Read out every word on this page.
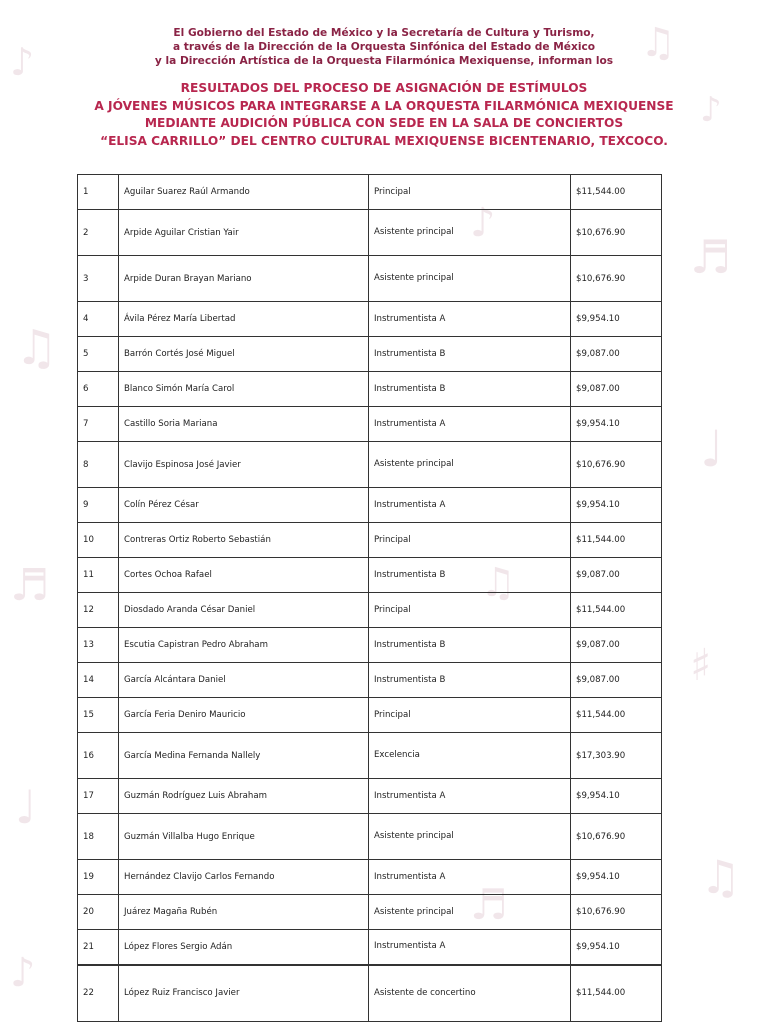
♫
♪
♬
♩
♯
♫
♪
♫
♬
♩
♪
♪
♫
♬
El Gobierno del Estado de México y la Secretaría de Cultura y Turismo,
a través de la Dirección de la Orquesta Sinfónica del Estado de México
y la Dirección Artística de la Orquesta Filarmónica Mexiquense, informan los
RESULTADOS DEL PROCESO DE ASIGNACIÓN DE ESTÍMULOS
A JÓVENES MÚSICOS PARA INTEGRARSE A LA ORQUESTA FILARMÓNICA MEXIQUENSE
MEDIANTE AUDICIÓN PÚBLICA CON SEDE EN LA SALA DE CONCIERTOS
“ELISA CARRILLO” DEL CENTRO CULTURAL MEXIQUENSE BICENTENARIO, TEXCOCO.
1	Aguilar Suarez Raúl Armando	Principal	$11,544.00
2	Arpide Aguilar Cristian Yair	Asistente principal	$10,676.90
3	Arpide Duran Brayan Mariano	Asistente principal	$10,676.90
4	Ávila Pérez María Libertad	Instrumentista A	$9,954.10
5	Barrón Cortés José Miguel	Instrumentista B	$9,087.00
6	Blanco Simón María Carol	Instrumentista B	$9,087.00
7	Castillo Soria Mariana	Instrumentista A	$9,954.10
8	Clavijo Espinosa José Javier	Asistente principal	$10,676.90
9	Colín Pérez César	Instrumentista A	$9,954.10
10	Contreras Ortiz Roberto Sebastián	Principal	$11,544.00
11	Cortes Ochoa Rafael	Instrumentista B	$9,087.00
12	Diosdado Aranda César Daniel	Principal	$11,544.00
13	Escutia Capistran Pedro Abraham	Instrumentista B	$9,087.00
14	García Alcántara Daniel	Instrumentista B	$9,087.00
15	García Feria Deniro Mauricio	Principal	$11,544.00
16	García Medina Fernanda Nallely	Excelencia	$17,303.90
17	Guzmán Rodríguez Luis Abraham	Instrumentista A	$9,954.10
18	Guzmán Villalba Hugo Enrique	Asistente principal	$10,676.90
19	Hernández Clavijo Carlos Fernando	Instrumentista A	$9,954.10
20	Juárez Magaña Rubén	Asistente principal	$10,676.90
21	López Flores Sergio Adán	Instrumentista A	$9,954.10
22	López Ruiz Francisco Javier	Asistente de concertino	$11,544.00
